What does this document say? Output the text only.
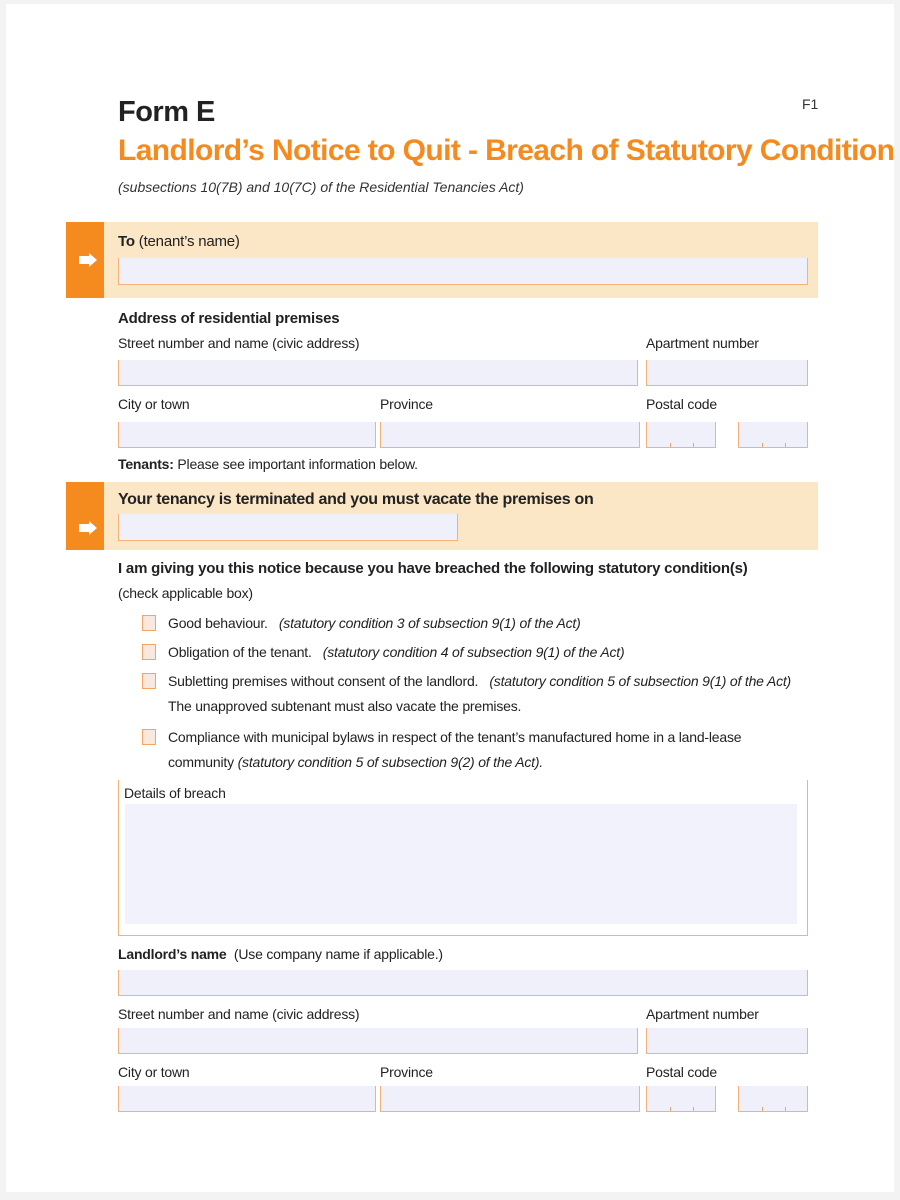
Form E	F1
Landlord’s Notice to Quit - Breach of Statutory Condition
(subsections 10(7B) and 10(7C) of the Residential Tenancies Act)
To (tenant’s name)
Address of residential premises
Street number and name (civic address)	Apartment number
City or town	Province	Postal code
Tenants: Please see important information below.
Your tenancy is terminated and you must vacate the premises on
I am giving you this notice because you have breached the following statutory condition(s)
(check applicable box)
Good behaviour. (statutory condition 3 of subsection 9(1) of the Act)
Obligation of the tenant. (statutory condition 4 of subsection 9(1) of the Act)
Subletting premises without consent of the landlord. (statutory condition 5 of subsection 9(1) of the Act)
The unapproved subtenant must also vacate the premises.
Compliance with municipal bylaws in respect of the tenant’s manufactured home in a land-lease
community (statutory condition 5 of subsection 9(2) of the Act).
Details of breach
Landlord’s name (Use company name if applicable.)
Street number and name (civic address)	Apartment number
City or town	Province	Postal code
